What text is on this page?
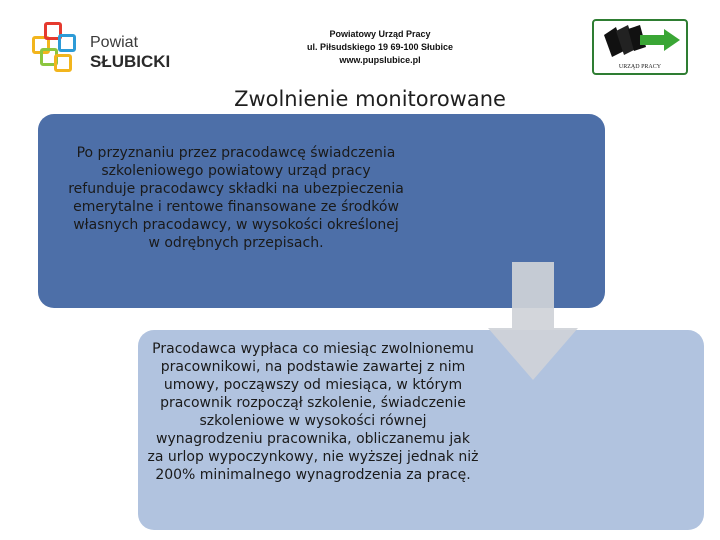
Powiat
SŁUBICKI
Powiatowy Urząd Pracy
ul. Piłsudskiego 19 69-100 Słubice
www.pupslubice.pl
URZĄD PRACY
Zwolnienie monitorowane
Pracodawca wypłaca co miesiąc zwolnionemu pracownikowi, na podstawie zawartej z nim umowy, począwszy od miesiąca, w którym pracownik rozpoczął szkolenie, świadczenie szkoleniowe w wysokości równej wynagrodzeniu pracownika, obliczanemu jak za urlop wypoczynkowy, nie wyższej jednak niż 200% minimalnego wynagrodzenia za pracę.
Po przyznaniu przez pracodawcę świadczenia szkoleniowego powiatowy urząd pracy refunduje pracodawcy składki na ubezpieczenia emerytalne i rentowe finansowane ze środków własnych pracodawcy, w wysokości określonej w odrębnych przepisach.
